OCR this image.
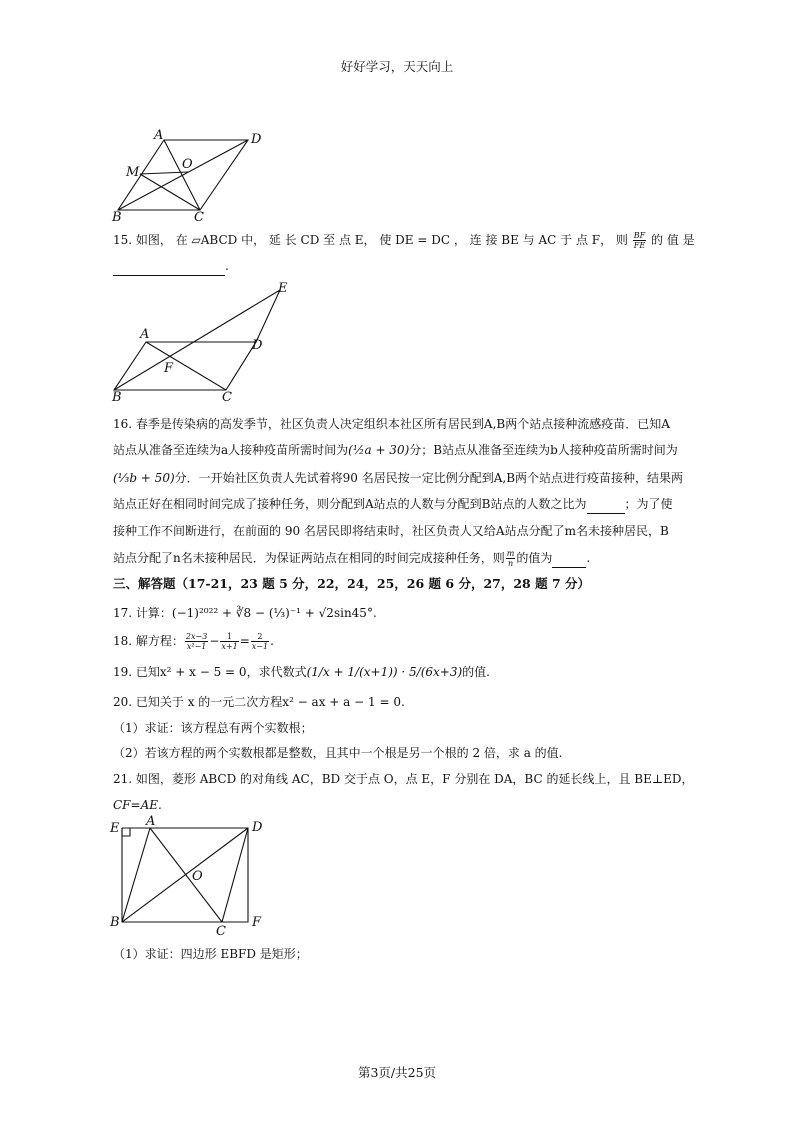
好好学习，天天向上
A	D
M
O
B	C
15. 如图， 在 ▱ABCD 中， 延 长 CD 至 点 E， 使 DE = DC ， 连 接 BE 与 AC 于 点 F， 则 $\frac{BF}{FE}$ 的 值 是
.
E
A
D
F
B	C
16. 春季是传染病的高发季节，社区负责人决定组织本社区所有居民到A,B两个站点接种流感疫苗．已知A
站点从准备至连续为a人接种疫苗所需时间为(½a + 30)分；B站点从准备至连续为b人接种疫苗所需时间为
(⅓b + 50)分．一开始社区负责人先试着将90 名居民按一定比例分配到A,B两个站点进行疫苗接种，结果两
站点正好在相同时间完成了接种任务，则分配到A站点的人数与分配到B站点的人数之比为	；为了使
接种工作不间断进行，在前面的 90 名居民即将结束时，社区负责人又给A站点分配了m名未接种居民，B
站点分配了n名未接种居民．为保证两站点在相同的时间完成接种任务，则 $\frac{m}{n}$ 的值为	.
三、解答题（17-21，23 题 5 分，22，24，25，26 题 6 分，27，28 题 7 分）
17. 计算：(−1)²⁰²² + ∛8 − (⅓)⁻¹ + √2sin45°.
18. 解方程： $\frac{2x-3}{\text{x²−1}} - \frac{1}{x+1} = \frac{2}{x-1}$ .
19. 已知x² + x − 5 = 0，求代数式(1/x + 1/(x+1)) · 5/(6x+3)的值.
20. 已知关于 x 的一元二次方程x² − ax + a − 1 = 0.
（1）求证：该方程总有两个实数根；
（2）若该方程的两个实数根都是整数，且其中一个根是另一个根的 2 倍，求 a 的值.
21. 如图，菱形 ABCD 的对角线 AC，BD 交于点 O，点 E，F 分别在 DA，BC 的延长线上，且 BE⊥ED，
CF=AE.
E A	D
O
B
C
F
（1）求证：四边形 EBFD 是矩形；
第3页/共25页
